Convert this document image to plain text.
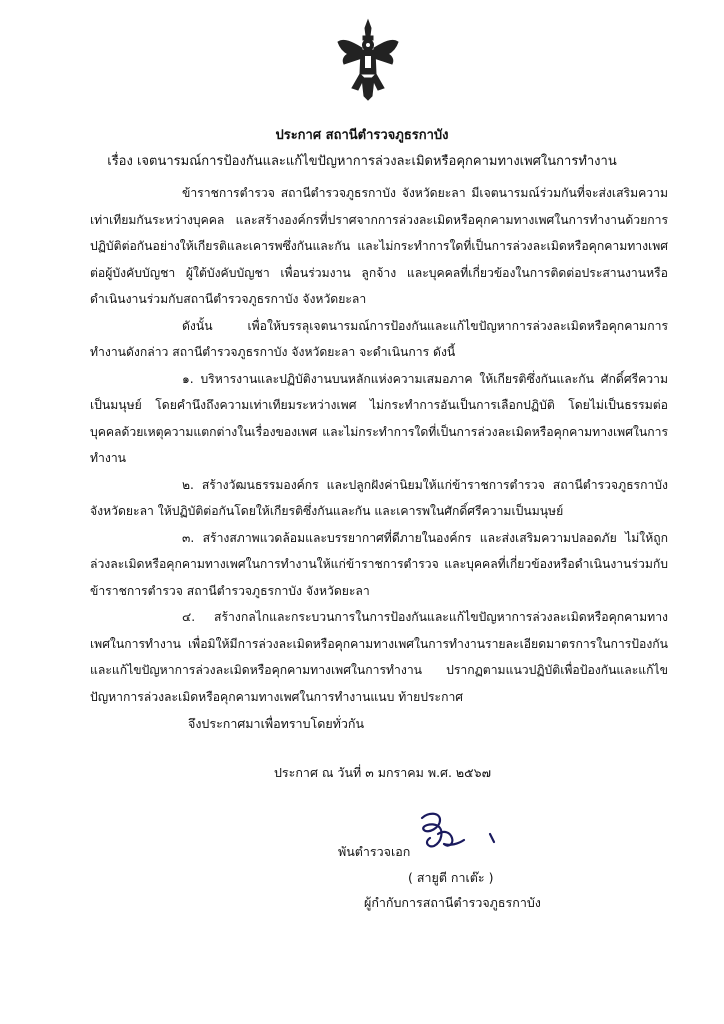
ประกาศ สถานีตำรวจภูธรกาบัง
เรื่อง เจตนารมณ์การป้องกันและแก้ไขปัญหาการล่วงละเมิดหรือคุกคามทางเพศในการทำงาน

ข้าราชการตำรวจ สถานีตำรวจภูธรกาบัง จังหวัดยะลา มีเจตนารมณ์ร่วมกันที่จะส่งเสริมความเท่าเทียมกันระหว่างบุคคล และสร้างองค์กรที่ปราศจากการล่วงละเมิดหรือคุกคามทางเพศในการทำงานด้วยการปฏิบัติต่อกันอย่างให้เกียรติและเคารพซึ่งกันและกัน และไม่กระทำการใดที่เป็นการล่วงละเมิดหรือคุกคามทางเพศต่อผู้บังคับบัญชา ผู้ใต้บังคับบัญชา เพื่อนร่วมงาน ลูกจ้าง และบุคคลที่เกี่ยวข้องในการติดต่อประสานงานหรือดำเนินงานร่วมกับสถานีตำรวจภูธรกาบัง จังหวัดยะลา

ดังนั้น เพื่อให้บรรลุเจตนารมณ์การป้องกันและแก้ไขปัญหาการล่วงละเมิดหรือคุกคามการทำงานดังกล่าว สถานีตำรวจภูธรกาบัง จังหวัดยะลา จะดำเนินการ ดังนี้

๑. บริหารงานและปฏิบัติงานบนหลักแห่งความเสมอภาค ให้เกียรติซึ่งกันและกัน ศักดิ์ศรีความเป็นมนุษย์ โดยคำนึงถึงความเท่าเทียมระหว่างเพศ ไม่กระทำการอันเป็นการเลือกปฏิบัติ โดยไม่เป็นธรรมต่อบุคคลด้วยเหตุความแตกต่างในเรื่องของเพศ และไม่กระทำการใดที่เป็นการล่วงละเมิดหรือคุกคามทางเพศในการทำงาน

๒. สร้างวัฒนธรรมองค์กร และปลูกฝังค่านิยมให้แก่ข้าราชการตำรวจ สถานีตำรวจภูธรกาบัง จังหวัดยะลา ให้ปฏิบัติต่อกันโดยให้เกียรติซึ่งกันและกัน และเคารพในศักดิ์ศรีความเป็นมนุษย์

๓. สร้างสภาพแวดล้อมและบรรยากาศที่ดีภายในองค์กร และส่งเสริมความปลอดภัย ไม่ให้ถูกล่วงละเมิดหรือคุกคามทางเพศในการทำงานให้แก่ข้าราชการตำรวจ และบุคคลที่เกี่ยวข้องหรือดำเนินงานร่วมกับข้าราชการตำรวจ สถานีตำรวจภูธรกาบัง จังหวัดยะลา

๔. สร้างกลไกและกระบวนการในการป้องกันและแก้ไขปัญหาการล่วงละเมิดหรือคุกคามทางเพศในการทำงาน เพื่อมิให้มีการล่วงละเมิดหรือคุกคามทางเพศในการทำงานรายละเอียดมาตรการในการป้องกันและแก้ไขปัญหาการล่วงละเมิดหรือคุกคามทางเพศในการทำงาน ปรากฏตามแนวปฏิบัติเพื่อป้องกันและแก้ไขปัญหาการล่วงละเมิดหรือคุกคามทางเพศในการทำงานแนบ ท้ายประกาศ

จึงประกาศมาเพื่อทราบโดยทั่วกัน
ประกาศ ณ วันที่ ๓ มกราคม พ.ศ. ๒๕๖๗
พันตำรวจเอก
( สายูตี กาเต๊ะ )
ผู้กำกับการสถานีตำรวจภูธรกาบัง
